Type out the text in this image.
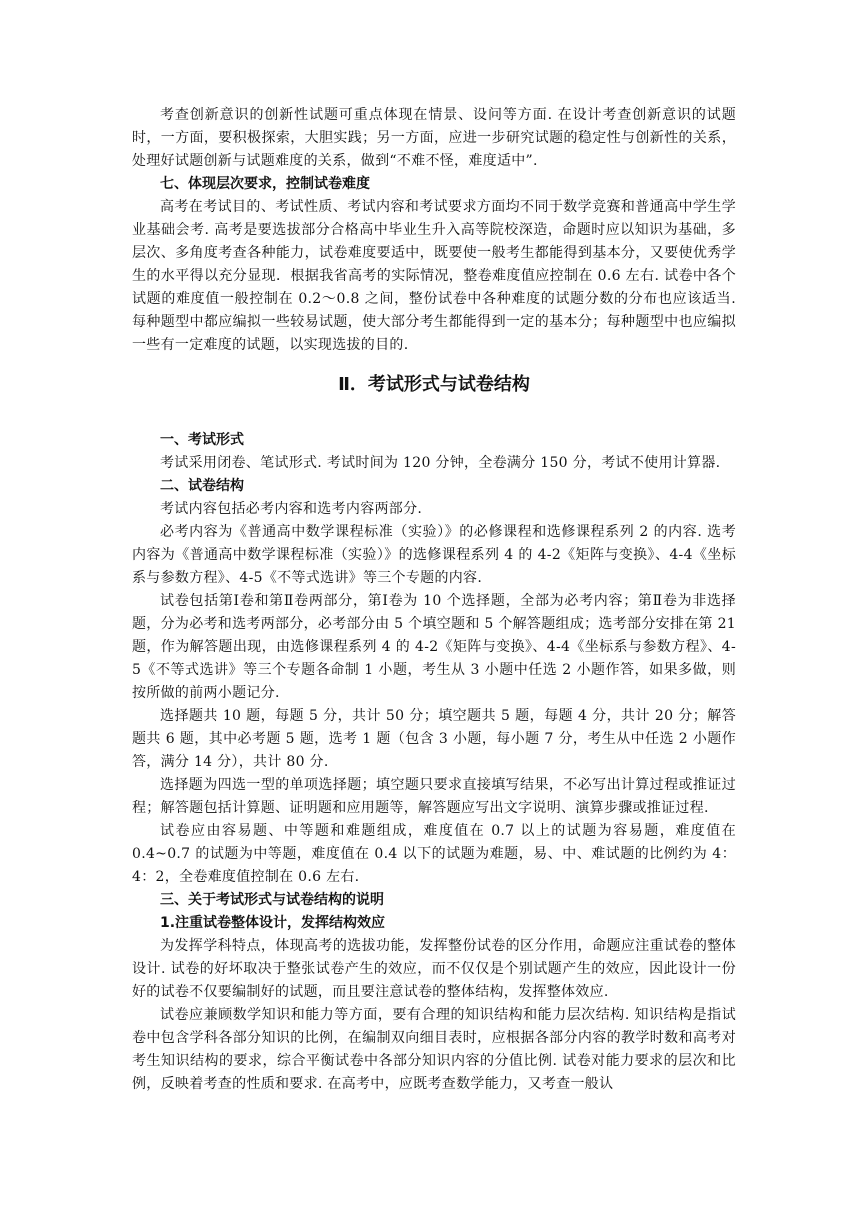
考查创新意识的创新性试题可重点体现在情景、设问等方面. 在设计考查创新意识的试题时，一方面，要积极探索，大胆实践；另一方面，应进一步研究试题的稳定性与创新性的关系，处理好试题创新与试题难度的关系，做到“不难不怪，难度适中”.

七、体现层次要求，控制试卷难度

高考在考试目的、考试性质、考试内容和考试要求方面均不同于数学竞赛和普通高中学生学业基础会考. 高考是要选拔部分合格高中毕业生升入高等院校深造，命题时应以知识为基础，多层次、多角度考查各种能力，试卷难度要适中，既要使一般考生都能得到基本分，又要使优秀学生的水平得以充分显现．根据我省高考的实际情况，整卷难度值应控制在 0.6 左右. 试卷中各个试题的难度值一般控制在 0.2～0.8 之间，整份试卷中各种难度的试题分数的分布也应该适当. 每种题型中都应编拟一些较易试题，使大部分考生都能得到一定的基本分；每种题型中也应编拟一些有一定难度的试题，以实现选拔的目的.

Ⅱ．考试形式与试卷结构

一、考试形式

考试采用闭卷、笔试形式. 考试时间为 120 分钟，全卷满分 150 分，考试不使用计算器.

二、试卷结构

考试内容包括必考内容和选考内容两部分.

必考内容为《普通高中数学课程标准（实验）》的必修课程和选修课程系列 2 的内容. 选考内容为《普通高中数学课程标准（实验）》的选修课程系列 4 的 4-2《矩阵与变换》、4-4《坐标系与参数方程》、4-5《不等式选讲》等三个专题的内容.

试卷包括第Ⅰ卷和第Ⅱ卷两部分，第Ⅰ卷为 10 个选择题，全部为必考内容；第Ⅱ卷为非选择题，分为必考和选考两部分，必考部分由 5 个填空题和 5 个解答题组成；选考部分安排在第 21 题，作为解答题出现，由选修课程系列 4 的 4-2《矩阵与变换》、4-4《坐标系与参数方程》、4-5《不等式选讲》等三个专题各命制 1 小题，考生从 3 小题中任选 2 小题作答，如果多做，则按所做的前两小题记分.

选择题共 10 题，每题 5 分，共计 50 分；填空题共 5 题，每题 4 分，共计 20 分；解答题共 6 题，其中必考题 5 题，选考 1 题（包含 3 小题，每小题 7 分，考生从中任选 2 小题作答，满分 14 分），共计 80 分.

选择题为四选一型的单项选择题；填空题只要求直接填写结果，不必写出计算过程或推证过程；解答题包括计算题、证明题和应用题等，解答题应写出文字说明、演算步骤或推证过程.

试卷应由容易题、中等题和难题组成，难度值在 0.7 以上的试题为容易题，难度值在 0.4~0.7 的试题为中等题，难度值在 0.4 以下的试题为难题，易、中、难试题的比例约为 4：4：2，全卷难度值控制在 0.6 左右.

三、关于考试形式与试卷结构的说明

1.注重试卷整体设计，发挥结构效应

为发挥学科特点，体现高考的选拔功能，发挥整份试卷的区分作用，命题应注重试卷的整体设计. 试卷的好坏取决于整张试卷产生的效应，而不仅仅是个别试题产生的效应，因此设计一份好的试卷不仅要编制好的试题，而且要注意试卷的整体结构，发挥整体效应.

试卷应兼顾数学知识和能力等方面，要有合理的知识结构和能力层次结构. 知识结构是指试卷中包含学科各部分知识的比例，在编制双向细目表时，应根据各部分内容的教学时数和高考对考生知识结构的要求，综合平衡试卷中各部分知识内容的分值比例. 试卷对能力要求的层次和比例，反映着考查的性质和要求. 在高考中，应既考查数学能力，又考查一般认
